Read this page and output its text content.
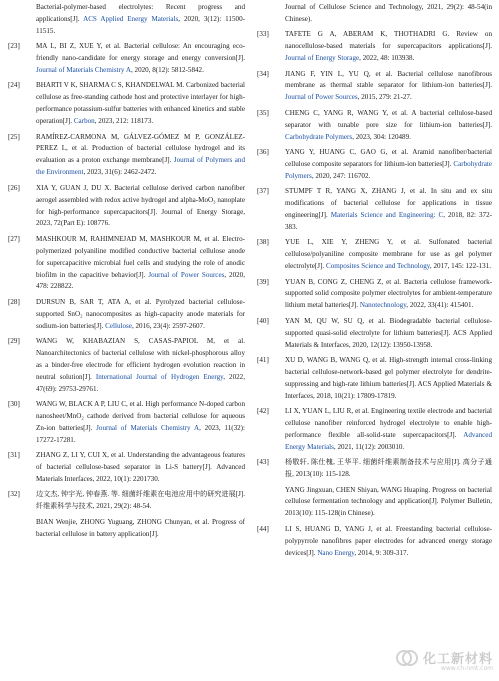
Bacterial-polymer-based electrolytes: Recent progress and applications[J]. ACS Applied Energy Materials, 2020, 3(12): 11500-11515.
[23]	MA L, BI Z, XUE Y, et al. Bacterial cellulose: An encouraging eco-friendly nano-candidate for energy storage and energy conversion[J]. Journal of Materials Chemistry A, 2020, 8(12): 5812-5842.
[24]	BHARTI V K, SHARMA C S, KHANDELWAL M. Carbonized bacterial cellulose as free-standing cathode host and protective interlayer for high-performance potassium-sulfur batteries with enhanced kinetics and stable operation[J]. Carbon, 2023, 212: 118173.
[25]	RAMÍREZ-CARMONA M, GÁLVEZ-GÓMEZ M P, GONZÁLEZ-PEREZ L, et al. Production of bacterial cellulose hydrogel and its evaluation as a proton exchange membrane[J]. Journal of Polymers and the Environment, 2023, 31(6): 2462-2472.
[26]	XIA Y, GUAN J, DU X. Bacterial cellulose derived carbon nanofiber aerogel assembled with redox active hydrogel and alpha-MoO₃ nanoplate for high-performance supercapacitors[J]. Journal of Energy Storage, 2023, 72(Part E): 108776.
[27]	MASHKOUR M, RAHIMNEJAD M, MASHKOUR M, et al. Electro-polymerized polyaniline modified conductive bacterial cellulose anode for supercapacitive microbial fuel cells and studying the role of anodic biofilm in the capacitive behavior[J]. Journal of Power Sources, 2020, 478: 228822.
[28]	DURSUN B, SAR T, ATA A, et al. Pyrolyzed bacterial cellulose-supported SnO₂ nanocomposites as high-capacity anode materials for sodium-ion batteries[J]. Cellulose, 2016, 23(4): 2597-2607.
[29]	WANG W, KHABAZIAN S, CASAS-PAPIOL M, et al. Nanoarchitectonics of bacterial cellulose with nickel-phosphorous alloy as a binder-free electrode for efficient hydrogen evolution reaction in neutral solution[J]. International Journal of Hydrogen Energy, 2022, 47(69): 29753-29761.
[30]	WANG W, BLACK A P, LIU C, et al. High performance N-doped carbon nanosheet/MnO₂ cathode derived from bacterial cellulose for aqueous Zn-ion batteries[J]. Journal of Materials Chemistry A, 2023, 11(32): 17272-17281.
[31]	ZHANG Z, LI Y, CUI X, et al. Understanding the advantageous features of bacterial cellulose-based separator in Li-S battery[J]. Advanced Materials Interfaces, 2022, 10(1): 2201730.
[32]	边文杰, 钟宇光, 钟春燕. 等. 细菌纤维素在电池应用中的研究进展[J]. 纤维素科学与技术, 2021, 29(2): 48-54.
BIAN Wenjie, ZHONG Yuguang, ZHONG Chunyan, et al. Progress of bacterial cellulose in battery application[J].
Journal of Cellulose Science and Technology, 2021, 29(2): 48-54(in Chinese).
[33]	TAFETE G A, ABERAM K, THOTHADRI G. Review on nanocellulose-based materials for supercapacitors applications[J]. Journal of Energy Storage, 2022, 48: 103938.
[34]	JIANG F, YIN L, YU Q, et al. Bacterial cellulose nanofibrous membrane as thermal stable separator for lithium-ion batteries[J]. Journal of Power Sources, 2015, 279: 21-27.
[35]	CHENG C, YANG R, WANG Y, et al. A bacterial cellulose-based separator with tunable pore size for lithium-ion batteries[J]. Carbohydrate Polymers, 2023, 304: 120489.
[36]	YANG Y, HUANG C, GAO G, et al. Aramid nanofiber/bacterial cellulose composite separators for lithium-ion batteries[J]. Carbohydrate Polymers, 2020, 247: 116702.
[37]	STUMPF T R, YANG X, ZHANG J, et al. In situ and ex situ modifications of bacterial cellulose for applications in tissue engineering[J]. Materials Science and Engineering: C, 2018, 82: 372-383.
[38]	YUE L, XIE Y, ZHENG Y, et al. Sulfonated bacterial cellulose/polyaniline composite membrane for use as gel polymer electrolyte[J]. Composites Science and Technology, 2017, 145: 122-131.
[39]	YUAN B, CONG Z, CHENG Z, et al. Bacteria cellulose framework-supported solid composite polymer electrolytes for ambient-temperature lithium metal batteries[J]. Nanotechnology, 2022, 33(41): 415401.
[40]	YAN M, QU W, SU Q, et al. Biodegradable bacterial cellulose-supported quasi-solid electrolyte for lithium batteries[J]. ACS Applied Materials & Interfaces, 2020, 12(12): 13950-13958.
[41]	XU D, WANG B, WANG Q, et al. High-strength internal cross-linking bacterial cellulose-network-based gel polymer electrolyte for dendrite-suppressing and high-rate lithium batteries[J]. ACS Applied Materials & Interfaces, 2018, 10(21): 17809-17819.
[42]	LI X, YUAN L, LIU R, et al. Engineering textile electrode and bacterial cellulose nanofiber reinforced hydrogel electrolyte to enable high-performance flexible all-solid-state supercapacitors[J]. Advanced Energy Materials, 2021, 11(12): 2003010.
[43]	杨敬轩, 陈仕槐, 王华平. 细菌纤维素制备技术与应用[J]. 高分子通报, 2013(10): 115-128.
YANG Jingxuan, CHEN Shiyan, WANG Huaping. Progress on bacterial cellulose fermentation technology and application[J]. Polymer Bulletin, 2013(10): 115-128(in Chinese).
[44]	LI S, HUANG D, YANG J, et al. Freestanding bacterial cellulose-polypyrrole nanofibres paper electrodes for advanced energy storage devices[J]. Nano Energy, 2014, 9: 309-317.
化工新材料
www.ch-nmt.com
